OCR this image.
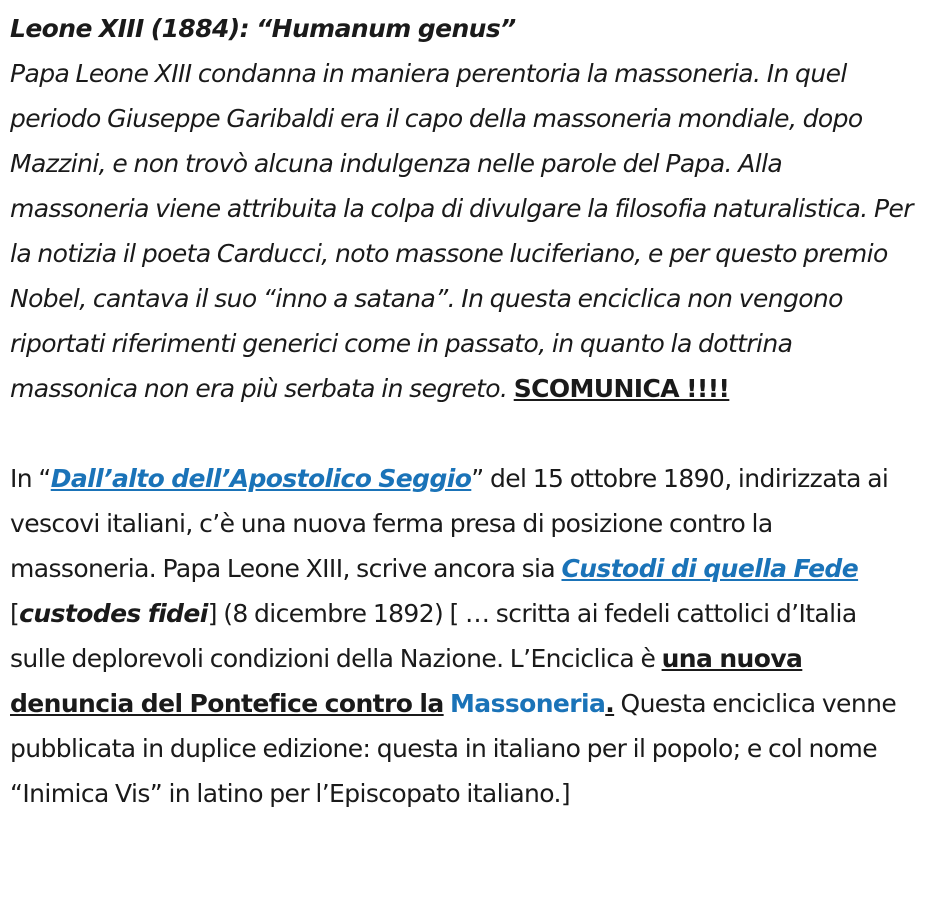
Leone XIII (1884): “Humanum genus”
Papa Leone XIII condanna in maniera perentoria la massoneria. In quel periodo Giuseppe Garibaldi era il capo della massoneria mondiale, dopo Mazzini, e non trovò alcuna indulgenza nelle parole del Papa. Alla massoneria viene attribuita la colpa di divulgare la filosofia naturalistica. Per la notizia il poeta Carducci, noto massone luciferiano, e per questo premio Nobel, cantava il suo “inno a satana”. In questa enciclica non vengono riportati riferimenti generici come in passato, in quanto la dottrina massonica non era più serbata in segreto. SCOMUNICA !!!!

In “Dall’alto dell’Apostolico Seggio” del 15 ottobre 1890, indirizzata ai vescovi italiani, c’è una nuova ferma presa di posizione contro la massoneria. Papa Leone XIII, scrive ancora sia Custodi di quella Fede [custodes fidei] (8 dicembre 1892) [ … scritta ai fedeli cattolici d’Italia sulle deplorevoli condizioni della Nazione. L’Enciclica è una nuova denuncia del Pontefice contro la Massoneria. Questa enciclica venne pubblicata in duplice edizione: questa in italiano per il popolo; e col nome “Inimica Vis” in latino per l’Episcopato italiano.]
